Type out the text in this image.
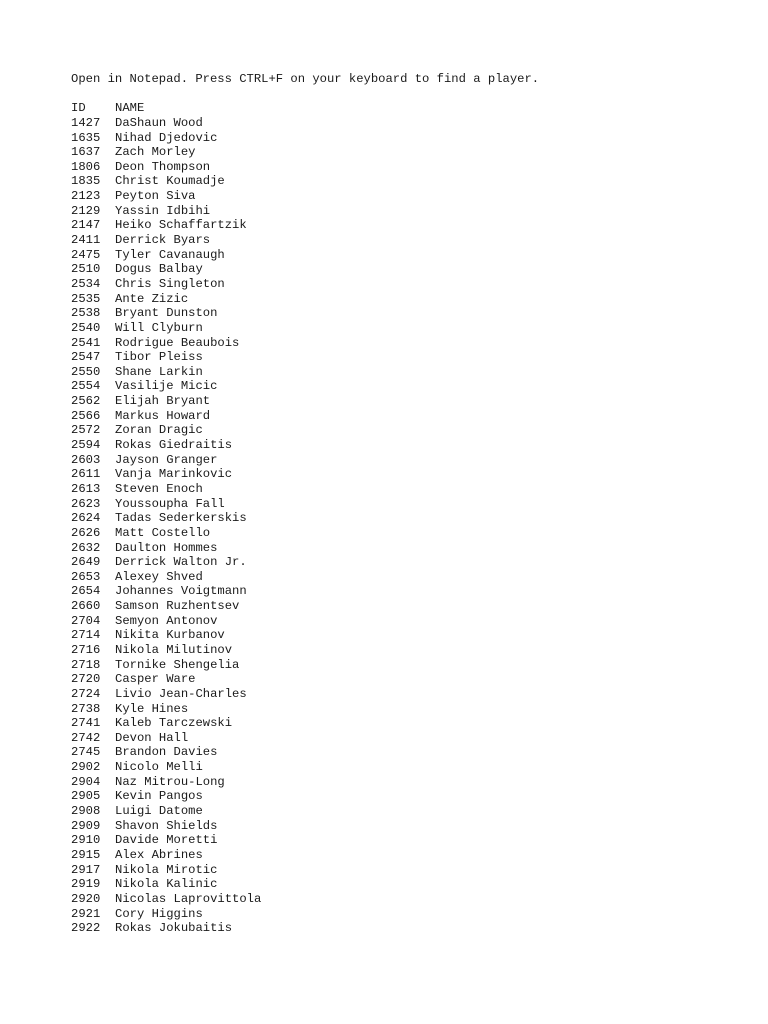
Open in Notepad. Press CTRL+F on your keyboard to find a player.
ID	NAME
1427	DaShaun Wood
1635	Nihad Djedovic
1637	Zach Morley
1806	Deon Thompson
1835	Christ Koumadje
2123	Peyton Siva
2129	Yassin Idbihi
2147	Heiko Schaffartzik
2411	Derrick Byars
2475	Tyler Cavanaugh
2510	Dogus Balbay
2534	Chris Singleton
2535	Ante Zizic
2538	Bryant Dunston
2540	Will Clyburn
2541	Rodrigue Beaubois
2547	Tibor Pleiss
2550	Shane Larkin
2554	Vasilije Micic
2562	Elijah Bryant
2566	Markus Howard
2572	Zoran Dragic
2594	Rokas Giedraitis
2603	Jayson Granger
2611	Vanja Marinkovic
2613	Steven Enoch
2623	Youssoupha Fall
2624	Tadas Sederkerskis
2626	Matt Costello
2632	Daulton Hommes
2649	Derrick Walton Jr.
2653	Alexey Shved
2654	Johannes Voigtmann
2660	Samson Ruzhentsev
2704	Semyon Antonov
2714	Nikita Kurbanov
2716	Nikola Milutinov
2718	Tornike Shengelia
2720	Casper Ware
2724	Livio Jean-Charles
2738	Kyle Hines
2741	Kaleb Tarczewski
2742	Devon Hall
2745	Brandon Davies
2902	Nicolo Melli
2904	Naz Mitrou-Long
2905	Kevin Pangos
2908	Luigi Datome
2909	Shavon Shields
2910	Davide Moretti
2915	Alex Abrines
2917	Nikola Mirotic
2919	Nikola Kalinic
2920	Nicolas Laprovittola
2921	Cory Higgins
2922	Rokas Jokubaitis
